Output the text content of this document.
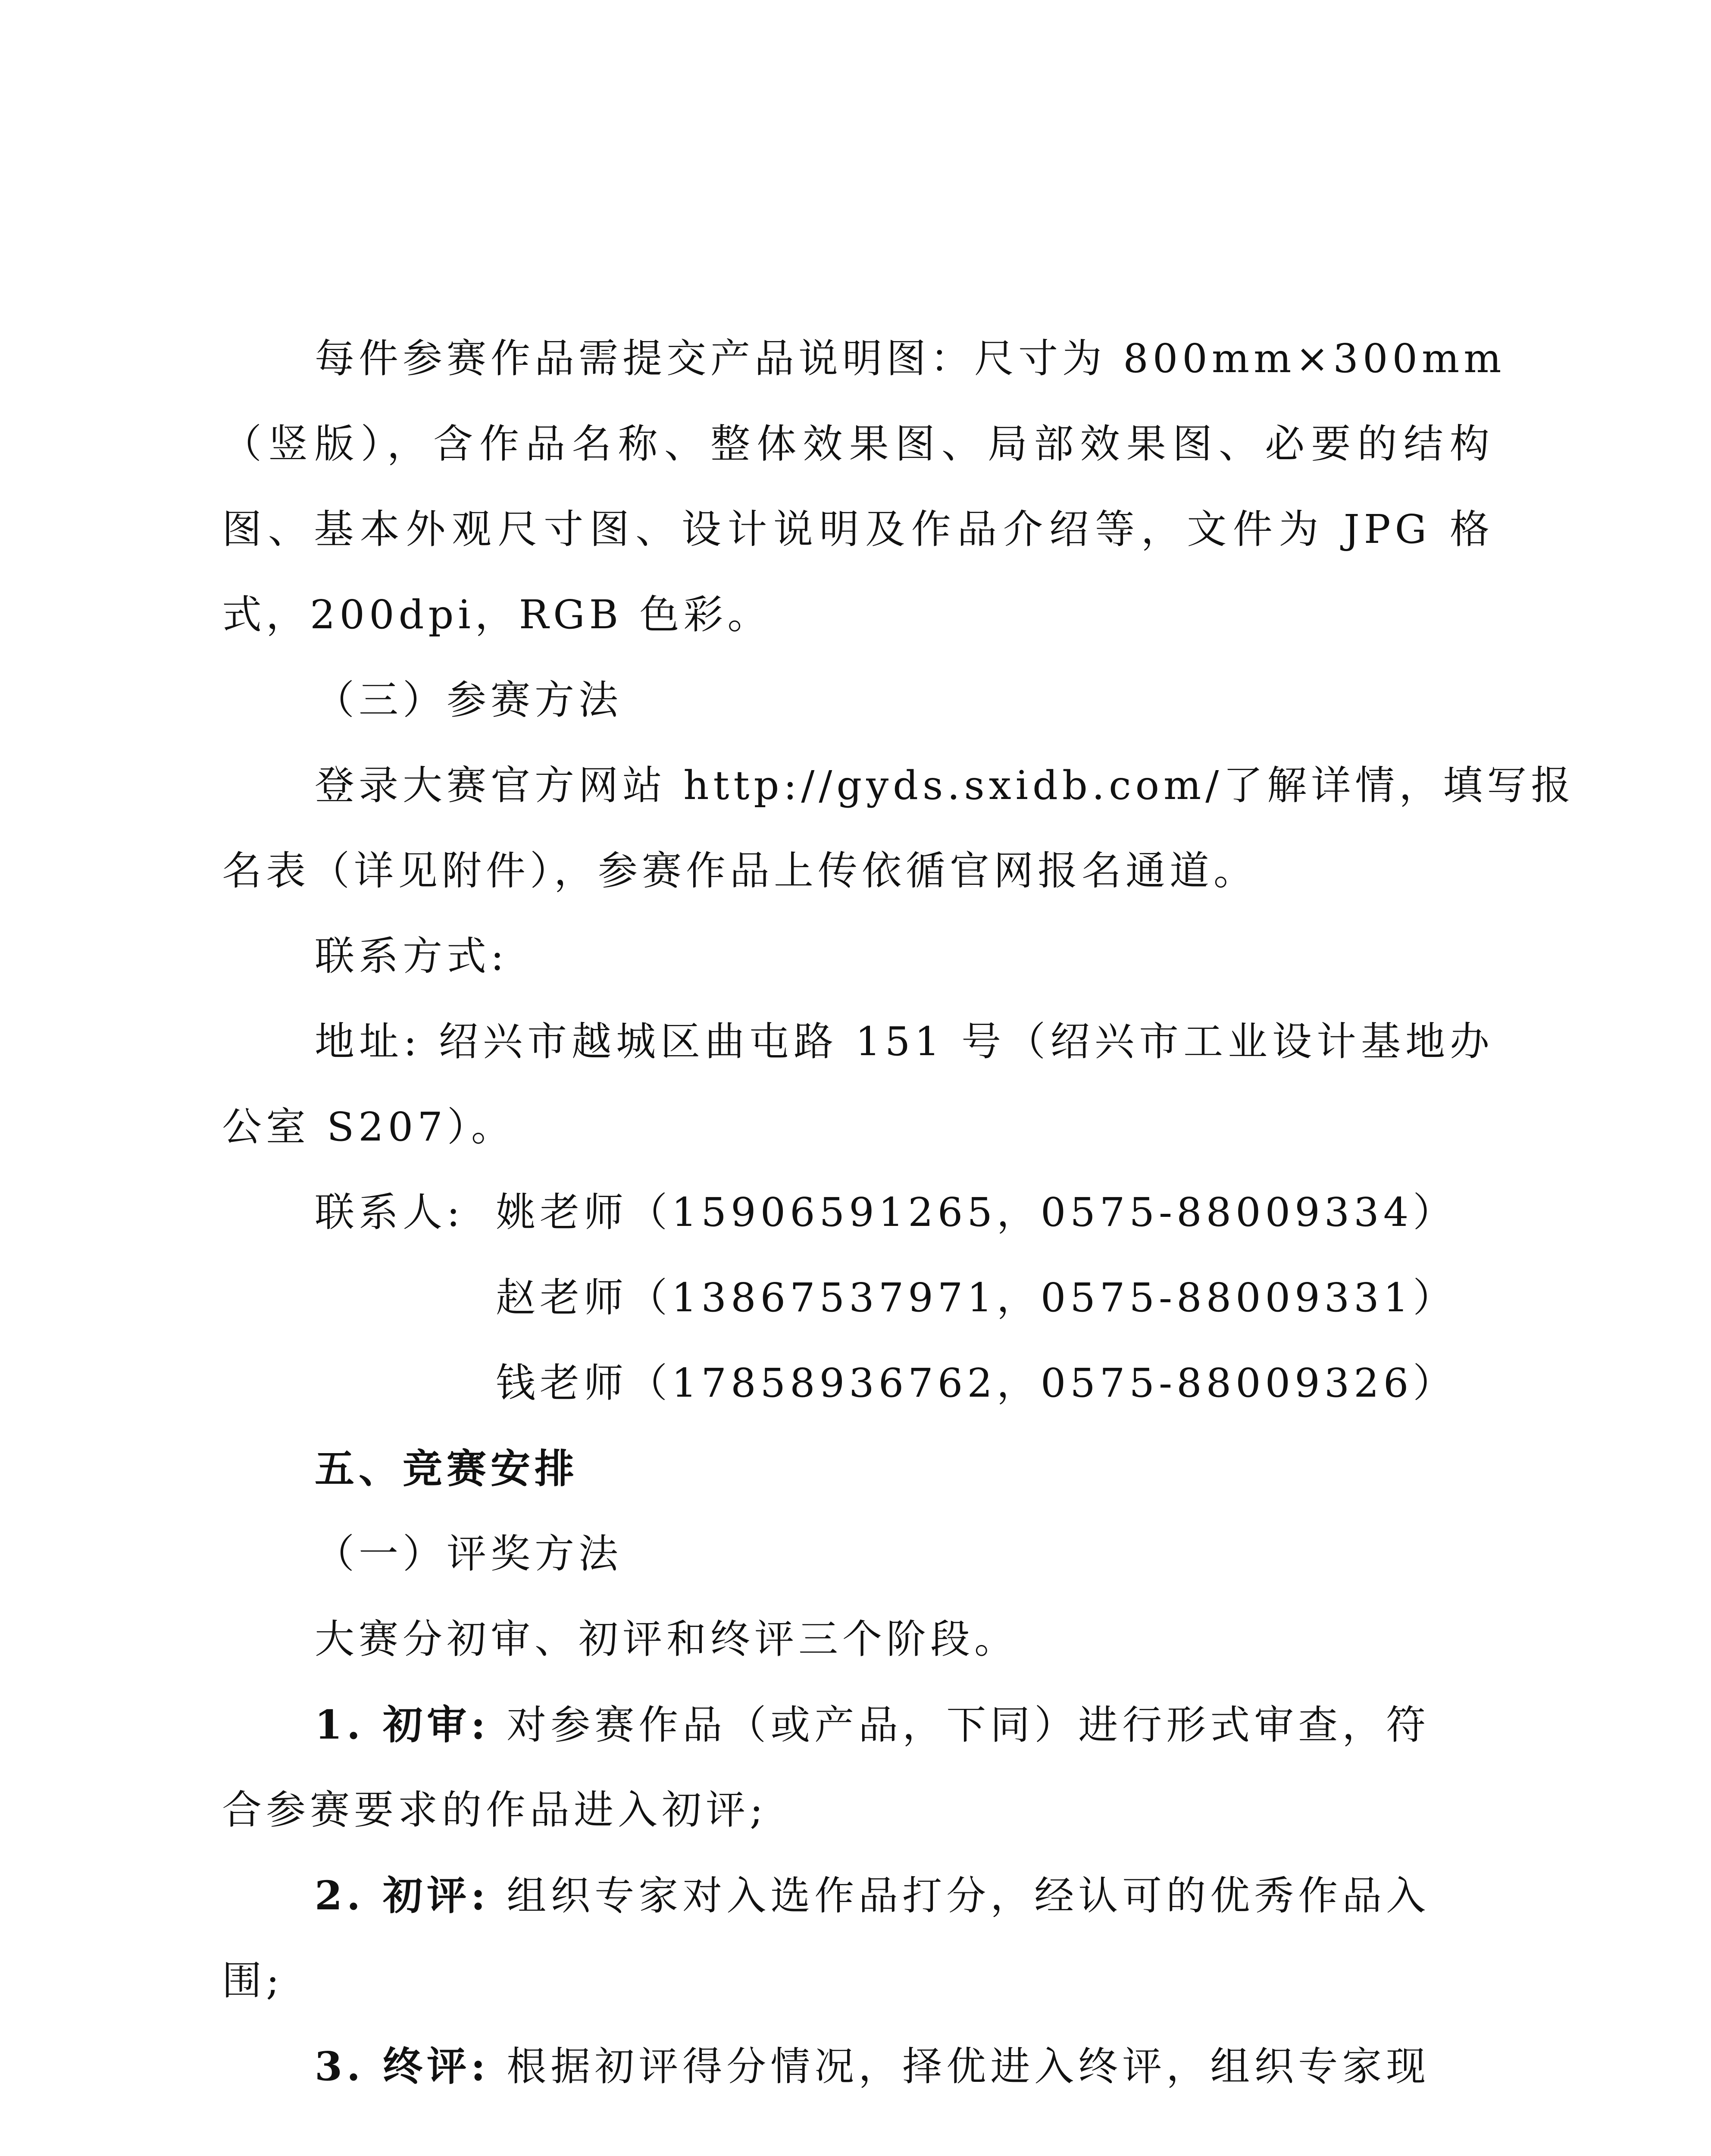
每件参赛作品需提交产品说明图：尺寸为 800mm×300mm
（竖版），含作品名称、整体效果图、局部效果图、必要的结构
图、基本外观尺寸图、设计说明及作品介绍等，文件为 JPG 格
式，200dpi，RGB 色彩。
（三）参赛方法
登录大赛官方网站 http://gyds.sxidb.com/了解详情，填写报
名表（详见附件），参赛作品上传依循官网报名通道。
联系方式:
地址: 绍兴市越城区曲屯路 151 号（绍兴市工业设计基地办
公室 S207）。
联系人: 姚老师（15906591265，0575-88009334）
赵老师（13867537971，0575-88009331）
钱老师（17858936762，0575-88009326）
五、竞赛安排
（一）评奖方法
大赛分初审、初评和终评三个阶段。
1. 初审: 对参赛作品（或产品，下同）进行形式审查，符
合参赛要求的作品进入初评;
2. 初评: 组织专家对入选作品打分，经认可的优秀作品入
围;
3. 终评: 根据初评得分情况，择优进入终评，组织专家现
